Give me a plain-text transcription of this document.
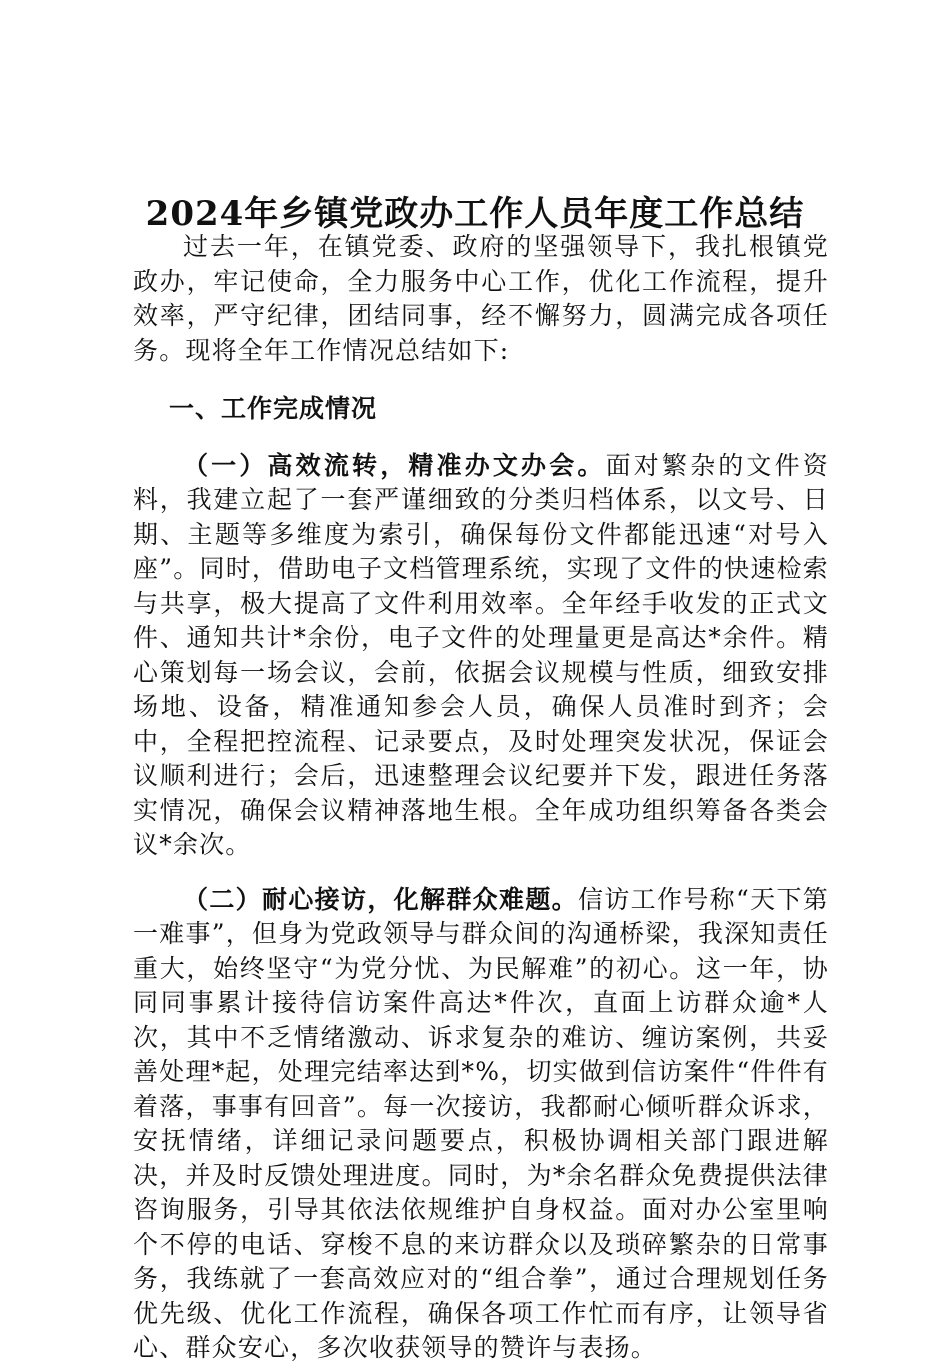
2024年乡镇党政办工作人员年度工作总结

过去一年，在镇党委、政府的坚强领导下，我扎根镇党政办，牢记使命，全力服务中心工作，优化工作流程，提升效率，严守纪律，团结同事，经不懈努力，圆满完成各项任务。现将全年工作情况总结如下:

一、工作完成情况

（一）高效流转，精准办文办会。面对繁杂的文件资料，我建立起了一套严谨细致的分类归档体系，以文号、日期、主题等多维度为索引，确保每份文件都能迅速“对号入座”。同时，借助电子文档管理系统，实现了文件的快速检索与共享，极大提高了文件利用效率。全年经手收发的正式文件、通知共计*余份，电子文件的处理量更是高达*余件。精心策划每一场会议，会前，依据会议规模与性质，细致安排场地、设备，精准通知参会人员，确保人员准时到齐；会中，全程把控流程、记录要点，及时处理突发状况，保证会议顺利进行；会后，迅速整理会议纪要并下发，跟进任务落实情况，确保会议精神落地生根。全年成功组织筹备各类会议*余次。

（二）耐心接访，化解群众难题。信访工作号称“天下第一难事”，但身为党政领导与群众间的沟通桥梁，我深知责任重大，始终坚守“为党分忧、为民解难”的初心。这一年，协同同事累计接待信访案件高达*件次，直面上访群众逾*人次，其中不乏情绪激动、诉求复杂的难访、缠访案例，共妥善处理*起，处理完结率达到*%，切实做到信访案件“件件有着落，事事有回音”。每一次接访，我都耐心倾听群众诉求，安抚情绪，详细记录问题要点，积极协调相关部门跟进解决，并及时反馈处理进度。同时，为*余名群众免费提供法律咨询服务，引导其依法依规维护自身权益。面对办公室里响个不停的电话、穿梭不息的来访群众以及琐碎繁杂的日常事务，我练就了一套高效应对的“组合拳”，通过合理规划任务优先级、优化工作流程，确保各项工作忙而有序，让领导省心、群众安心，多次收获领导的赞许与表扬。
